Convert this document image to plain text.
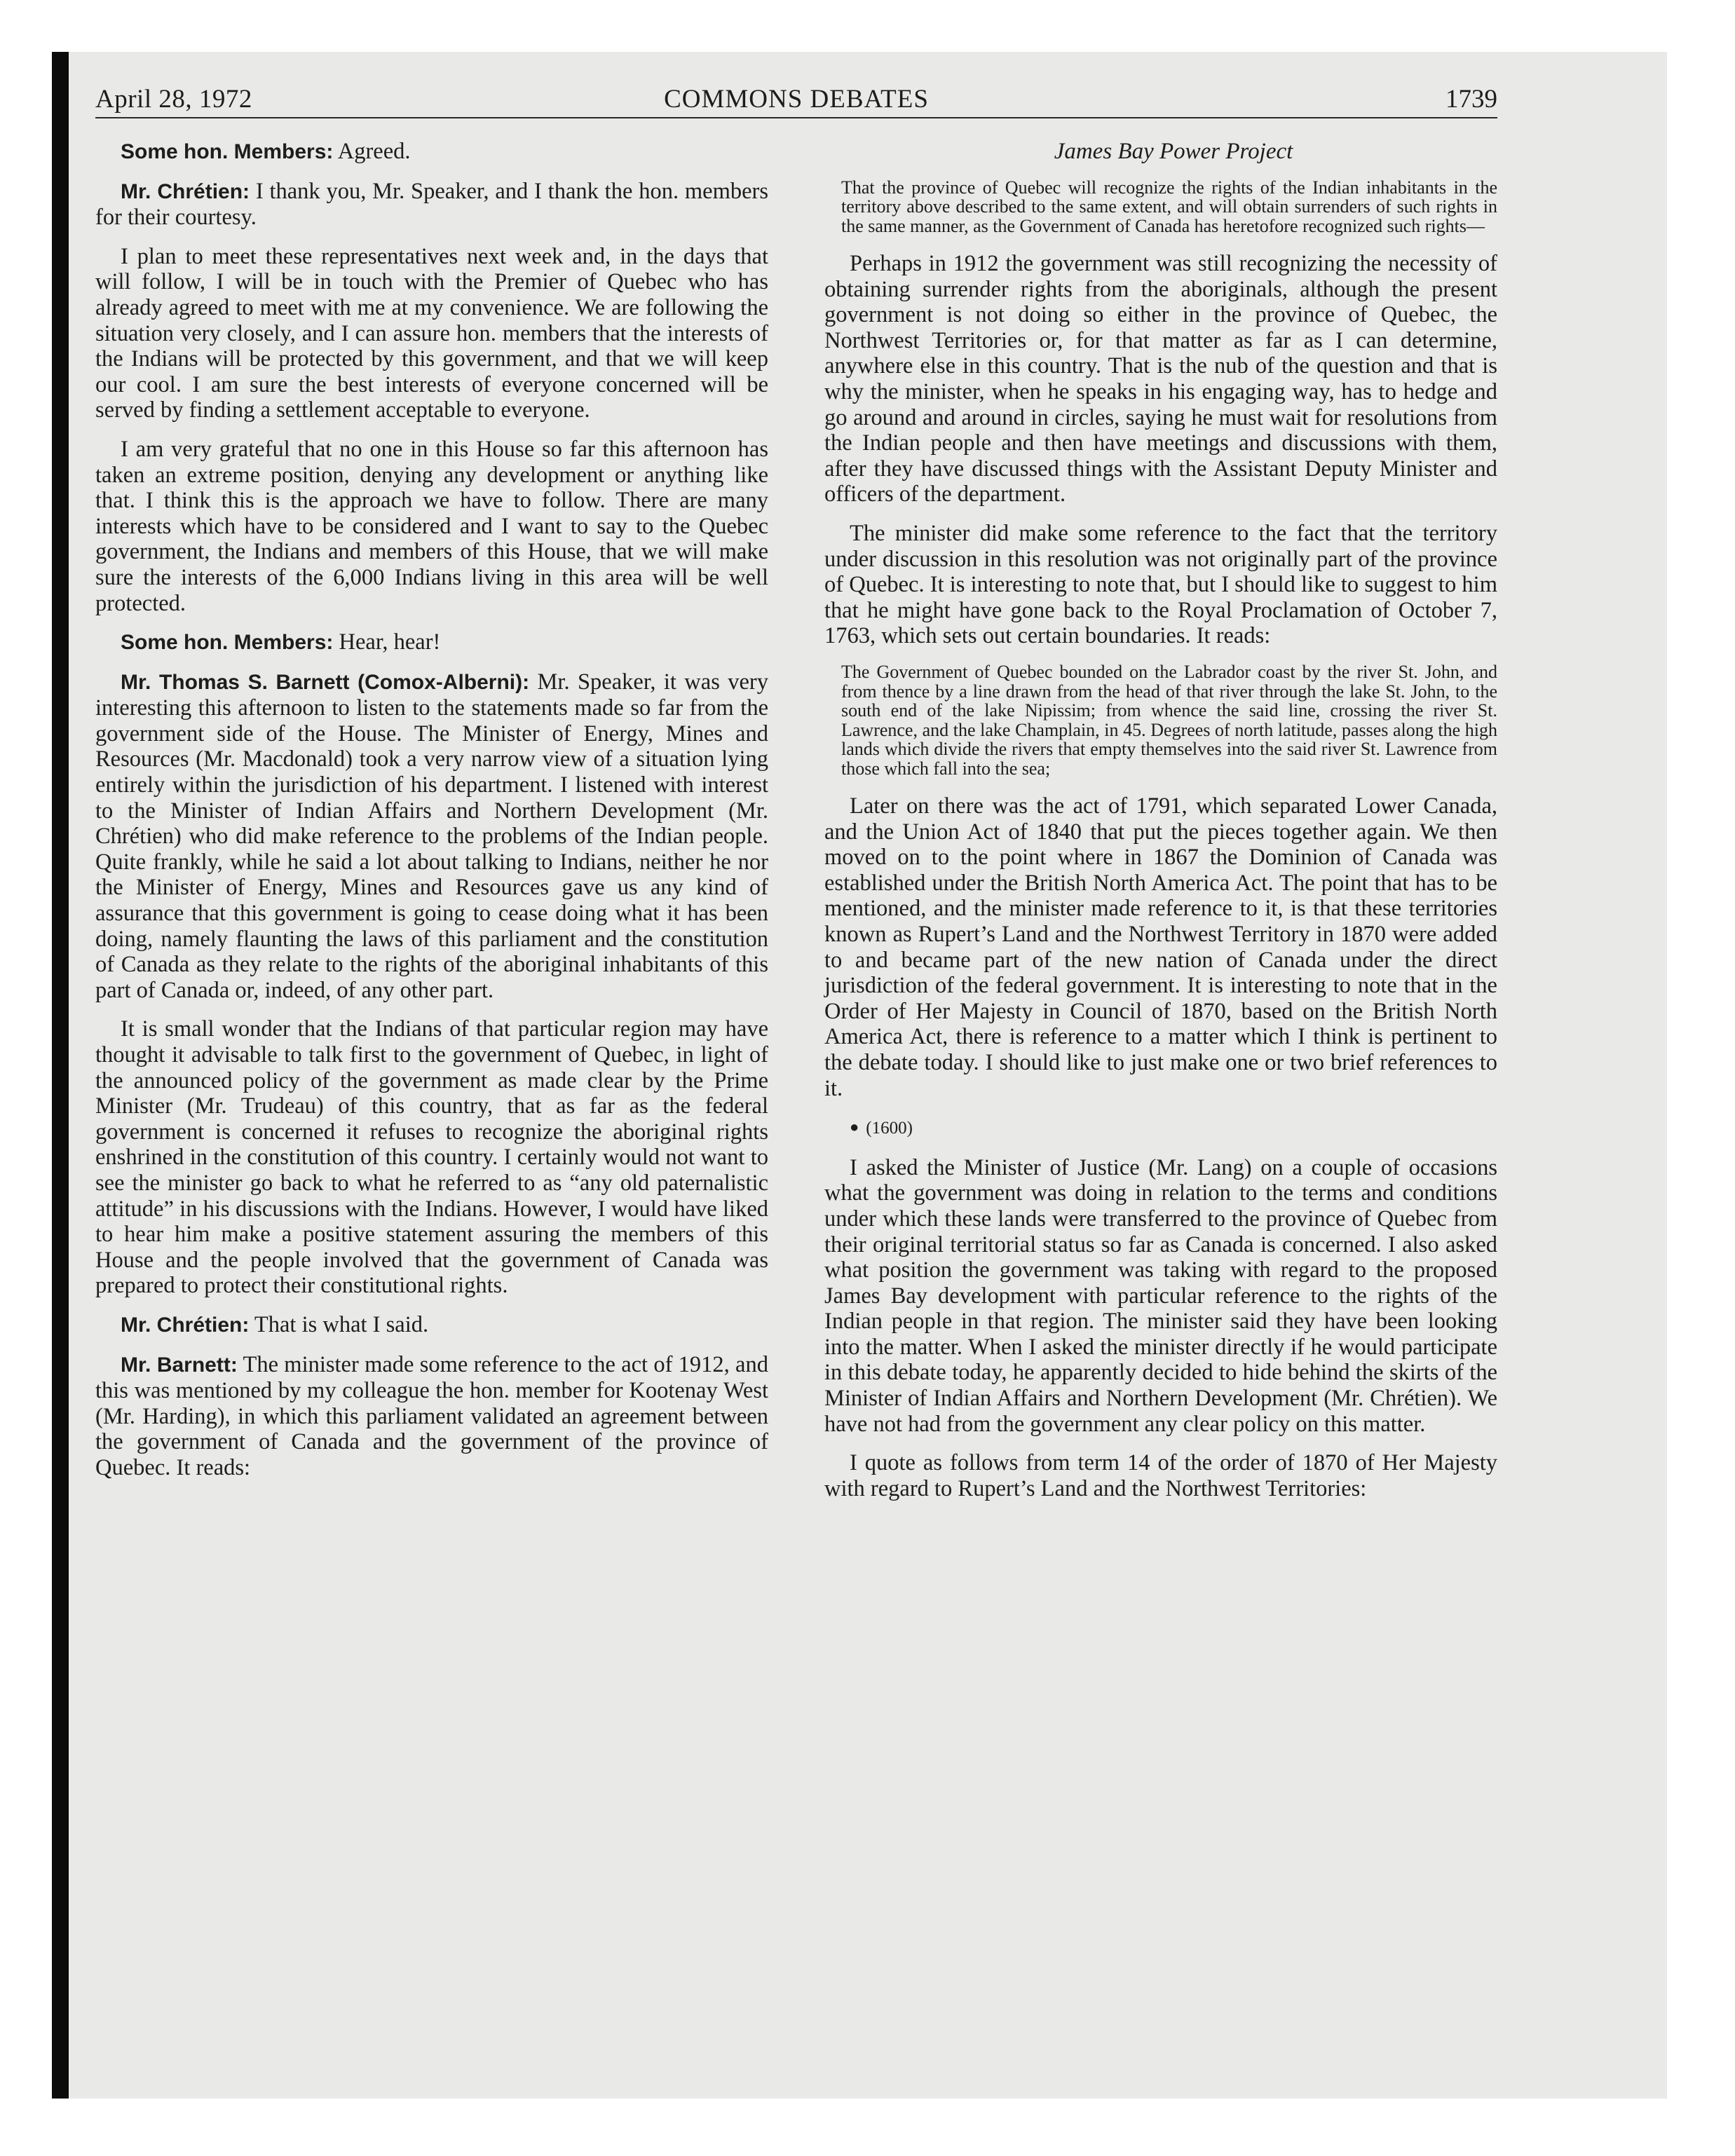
April 28, 1972	COMMONS DEBATES	1739

Some hon. Members: Agreed.

Mr. Chrétien: I thank you, Mr. Speaker, and I thank the hon. members for their courtesy.

I plan to meet these representatives next week and, in the days that will follow, I will be in touch with the Premier of Quebec who has already agreed to meet with me at my convenience. We are following the situation very closely, and I can assure hon. members that the interests of the Indians will be protected by this government, and that we will keep our cool. I am sure the best interests of everyone concerned will be served by finding a settlement acceptable to everyone.

I am very grateful that no one in this House so far this afternoon has taken an extreme position, denying any development or anything like that. I think this is the approach we have to follow. There are many interests which have to be considered and I want to say to the Quebec government, the Indians and members of this House, that we will make sure the interests of the 6,000 Indians living in this area will be well protected.

Some hon. Members: Hear, hear!

Mr. Thomas S. Barnett (Comox-Alberni): Mr. Speaker, it was very interesting this afternoon to listen to the statements made so far from the government side of the House. The Minister of Energy, Mines and Resources (Mr. Macdonald) took a very narrow view of a situation lying entirely within the jurisdiction of his department. I listened with interest to the Minister of Indian Affairs and Northern Development (Mr. Chrétien) who did make reference to the problems of the Indian people. Quite frankly, while he said a lot about talking to Indians, neither he nor the Minister of Energy, Mines and Resources gave us any kind of assurance that this government is going to cease doing what it has been doing, namely flaunting the laws of this parliament and the constitution of Canada as they relate to the rights of the aboriginal inhabitants of this part of Canada or, indeed, of any other part.

It is small wonder that the Indians of that particular region may have thought it advisable to talk first to the government of Quebec, in light of the announced policy of the government as made clear by the Prime Minister (Mr. Trudeau) of this country, that as far as the federal government is concerned it refuses to recognize the aboriginal rights enshrined in the constitution of this country. I certainly would not want to see the minister go back to what he referred to as “any old paternalistic attitude” in his discussions with the Indians. However, I would have liked to hear him make a positive statement assuring the members of this House and the people involved that the government of Canada was prepared to protect their constitutional rights.

Mr. Chrétien: That is what I said.

Mr. Barnett: The minister made some reference to the act of 1912, and this was mentioned by my colleague the hon. member for Kootenay West (Mr. Harding), in which this parliament validated an agreement between the government of Canada and the government of the province of Quebec. It reads:

James Bay Power Project

That the province of Quebec will recognize the rights of the Indian inhabitants in the territory above described to the same extent, and will obtain surrenders of such rights in the same manner, as the Government of Canada has heretofore recognized such rights—

Perhaps in 1912 the government was still recognizing the necessity of obtaining surrender rights from the aboriginals, although the present government is not doing so either in the province of Quebec, the Northwest Territories or, for that matter as far as I can determine, anywhere else in this country. That is the nub of the question and that is why the minister, when he speaks in his engaging way, has to hedge and go around and around in circles, saying he must wait for resolutions from the Indian people and then have meetings and discussions with them, after they have discussed things with the Assistant Deputy Minister and officers of the department.

The minister did make some reference to the fact that the territory under discussion in this resolution was not originally part of the province of Quebec. It is interesting to note that, but I should like to suggest to him that he might have gone back to the Royal Proclamation of October 7, 1763, which sets out certain boundaries. It reads:

The Government of Quebec bounded on the Labrador coast by the river St. John, and from thence by a line drawn from the head of that river through the lake St. John, to the south end of the lake Nipissim; from whence the said line, crossing the river St. Lawrence, and the lake Champlain, in 45. Degrees of north latitude, passes along the high lands which divide the rivers that empty themselves into the said river St. Lawrence from those which fall into the sea;

Later on there was the act of 1791, which separated Lower Canada, and the Union Act of 1840 that put the pieces together again. We then moved on to the point where in 1867 the Dominion of Canada was established under the British North America Act. The point that has to be mentioned, and the minister made reference to it, is that these territories known as Rupert’s Land and the Northwest Territory in 1870 were added to and became part of the new nation of Canada under the direct jurisdiction of the federal government. It is interesting to note that in the Order of Her Majesty in Council of 1870, based on the British North America Act, there is reference to a matter which I think is pertinent to the debate today. I should like to just make one or two brief references to it.

● (1600)

I asked the Minister of Justice (Mr. Lang) on a couple of occasions what the government was doing in relation to the terms and conditions under which these lands were transferred to the province of Quebec from their original territorial status so far as Canada is concerned. I also asked what position the government was taking with regard to the proposed James Bay development with particular reference to the rights of the Indian people in that region. The minister said they have been looking into the matter. When I asked the minister directly if he would participate in this debate today, he apparently decided to hide behind the skirts of the Minister of Indian Affairs and Northern Development (Mr. Chrétien). We have not had from the government any clear policy on this matter.

I quote as follows from term 14 of the order of 1870 of Her Majesty with regard to Rupert’s Land and the Northwest Territories:
